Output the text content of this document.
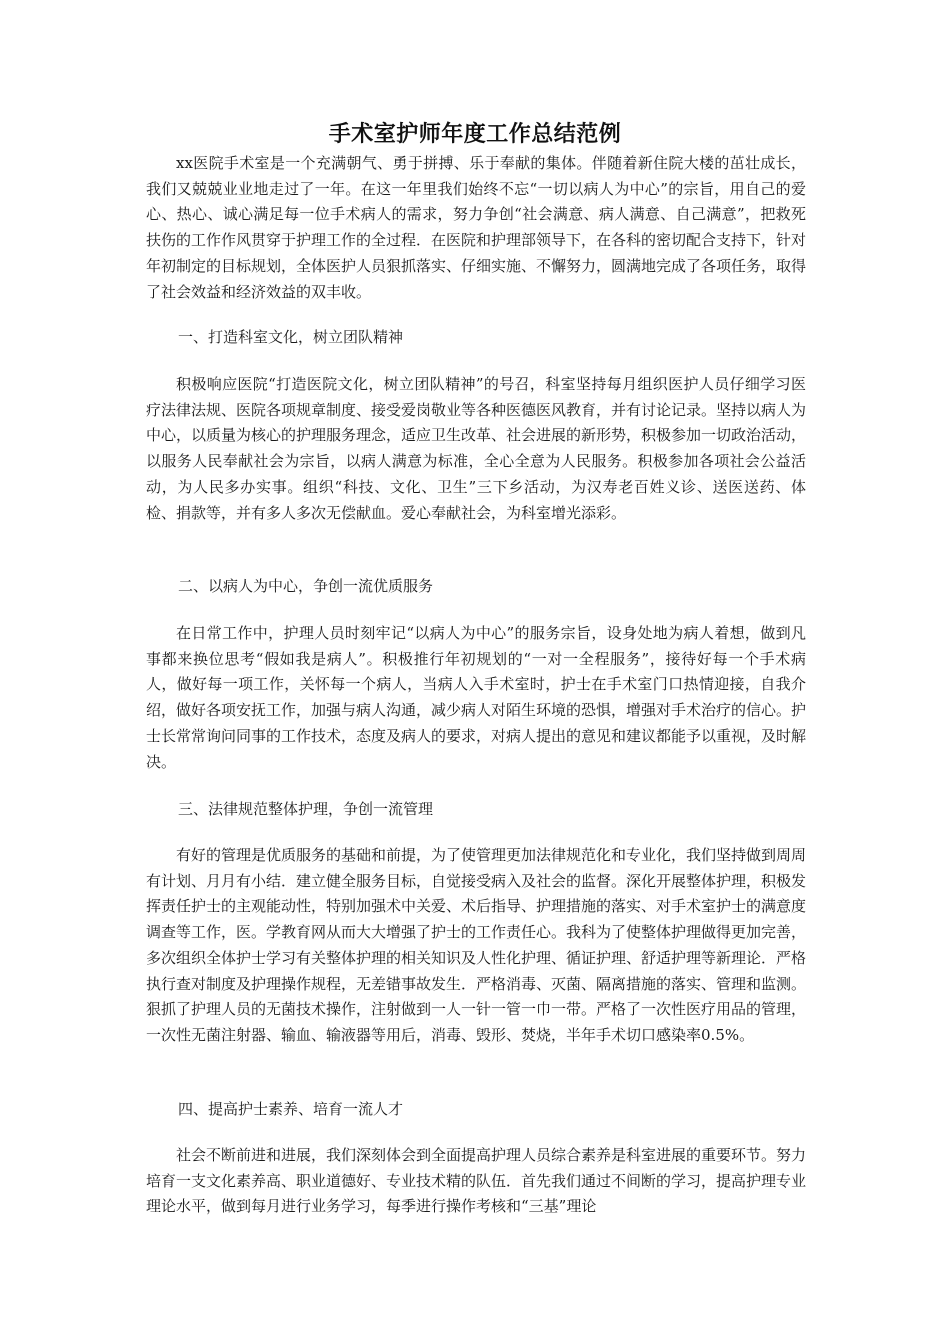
手术室护师年度工作总结范例

xx医院手术室是一个充满朝气、勇于拼搏、乐于奉献的集体。伴随着新住院大楼的茁壮成长，我们又兢兢业业地走过了一年。在这一年里我们始终不忘“一切以病人为中心”的宗旨，用自己的爱心、热心、诚心满足每一位手术病人的需求，努力争创“社会满意、病人满意、自己满意”，把救死扶伤的工作作风贯穿于护理工作的全过程．在医院和护理部领导下，在各科的密切配合支持下，针对年初制定的目标规划，全体医护人员狠抓落实、仔细实施、不懈努力，圆满地完成了各项任务，取得了社会效益和经济效益的双丰收。

一、打造科室文化，树立团队精神

积极响应医院“打造医院文化，树立团队精神”的号召，科室坚持每月组织医护人员仔细学习医疗法律法规、医院各项规章制度、接受爱岗敬业等各种医德医风教育，并有讨论记录。坚持以病人为中心，以质量为核心的护理服务理念，适应卫生改革、社会进展的新形势，积极参加一切政治活动，以服务人民奉献社会为宗旨，以病人满意为标准，全心全意为人民服务。积极参加各项社会公益活动，为人民多办实事。组织“科技、文化、卫生”三下乡活动，为汉寿老百姓义诊、送医送药、体检、捐款等，并有多人多次无偿献血。爱心奉献社会，为科室增光添彩。

二、以病人为中心，争创一流优质服务

在日常工作中，护理人员时刻牢记“以病人为中心”的服务宗旨，设身处地为病人着想，做到凡事都来换位思考“假如我是病人”。积极推行年初规划的“一对一全程服务”，接待好每一个手术病人，做好每一项工作，关怀每一个病人，当病人入手术室时，护士在手术室门口热情迎接，自我介绍，做好各项安抚工作，加强与病人沟通，减少病人对陌生环境的恐惧，增强对手术治疗的信心。护士长常常询问同事的工作技术，态度及病人的要求，对病人提出的意见和建议都能予以重视，及时解决。

三、法律规范整体护理，争创一流管理

有好的管理是优质服务的基础和前提，为了使管理更加法律规范化和专业化，我们坚持做到周周有计划、月月有小结．建立健全服务目标，自觉接受病入及社会的监督。深化开展整体护理，积极发挥责任护士的主观能动性，特别加强术中关爱、术后指导、护理措施的落实、对手术室护士的满意度调查等工作，医。学教育网从而大大增强了护士的工作责任心。我科为了使整体护理做得更加完善，多次组织全体护士学习有关整体护理的相关知识及人性化护理、循证护理、舒适护理等新理论．严格执行查对制度及护理操作规程，无差错事故发生．严格消毒、灭菌、隔离措施的落实、管理和监测。狠抓了护理人员的无菌技术操作，注射做到一人一针一管一巾一带。严格了一次性医疗用品的管理，一次性无菌注射器、输血、输液器等用后，消毒、毁形、焚烧，半年手术切口感染率0.5%。

四、提高护士素养、培育一流人才

社会不断前进和进展，我们深刻体会到全面提高护理人员综合素养是科室进展的重要环节。努力培育一支文化素养高、职业道德好、专业技术精的队伍．首先我们通过不间断的学习，提高护理专业理论水平，做到每月进行业务学习，每季进行操作考核和“三基”理论
